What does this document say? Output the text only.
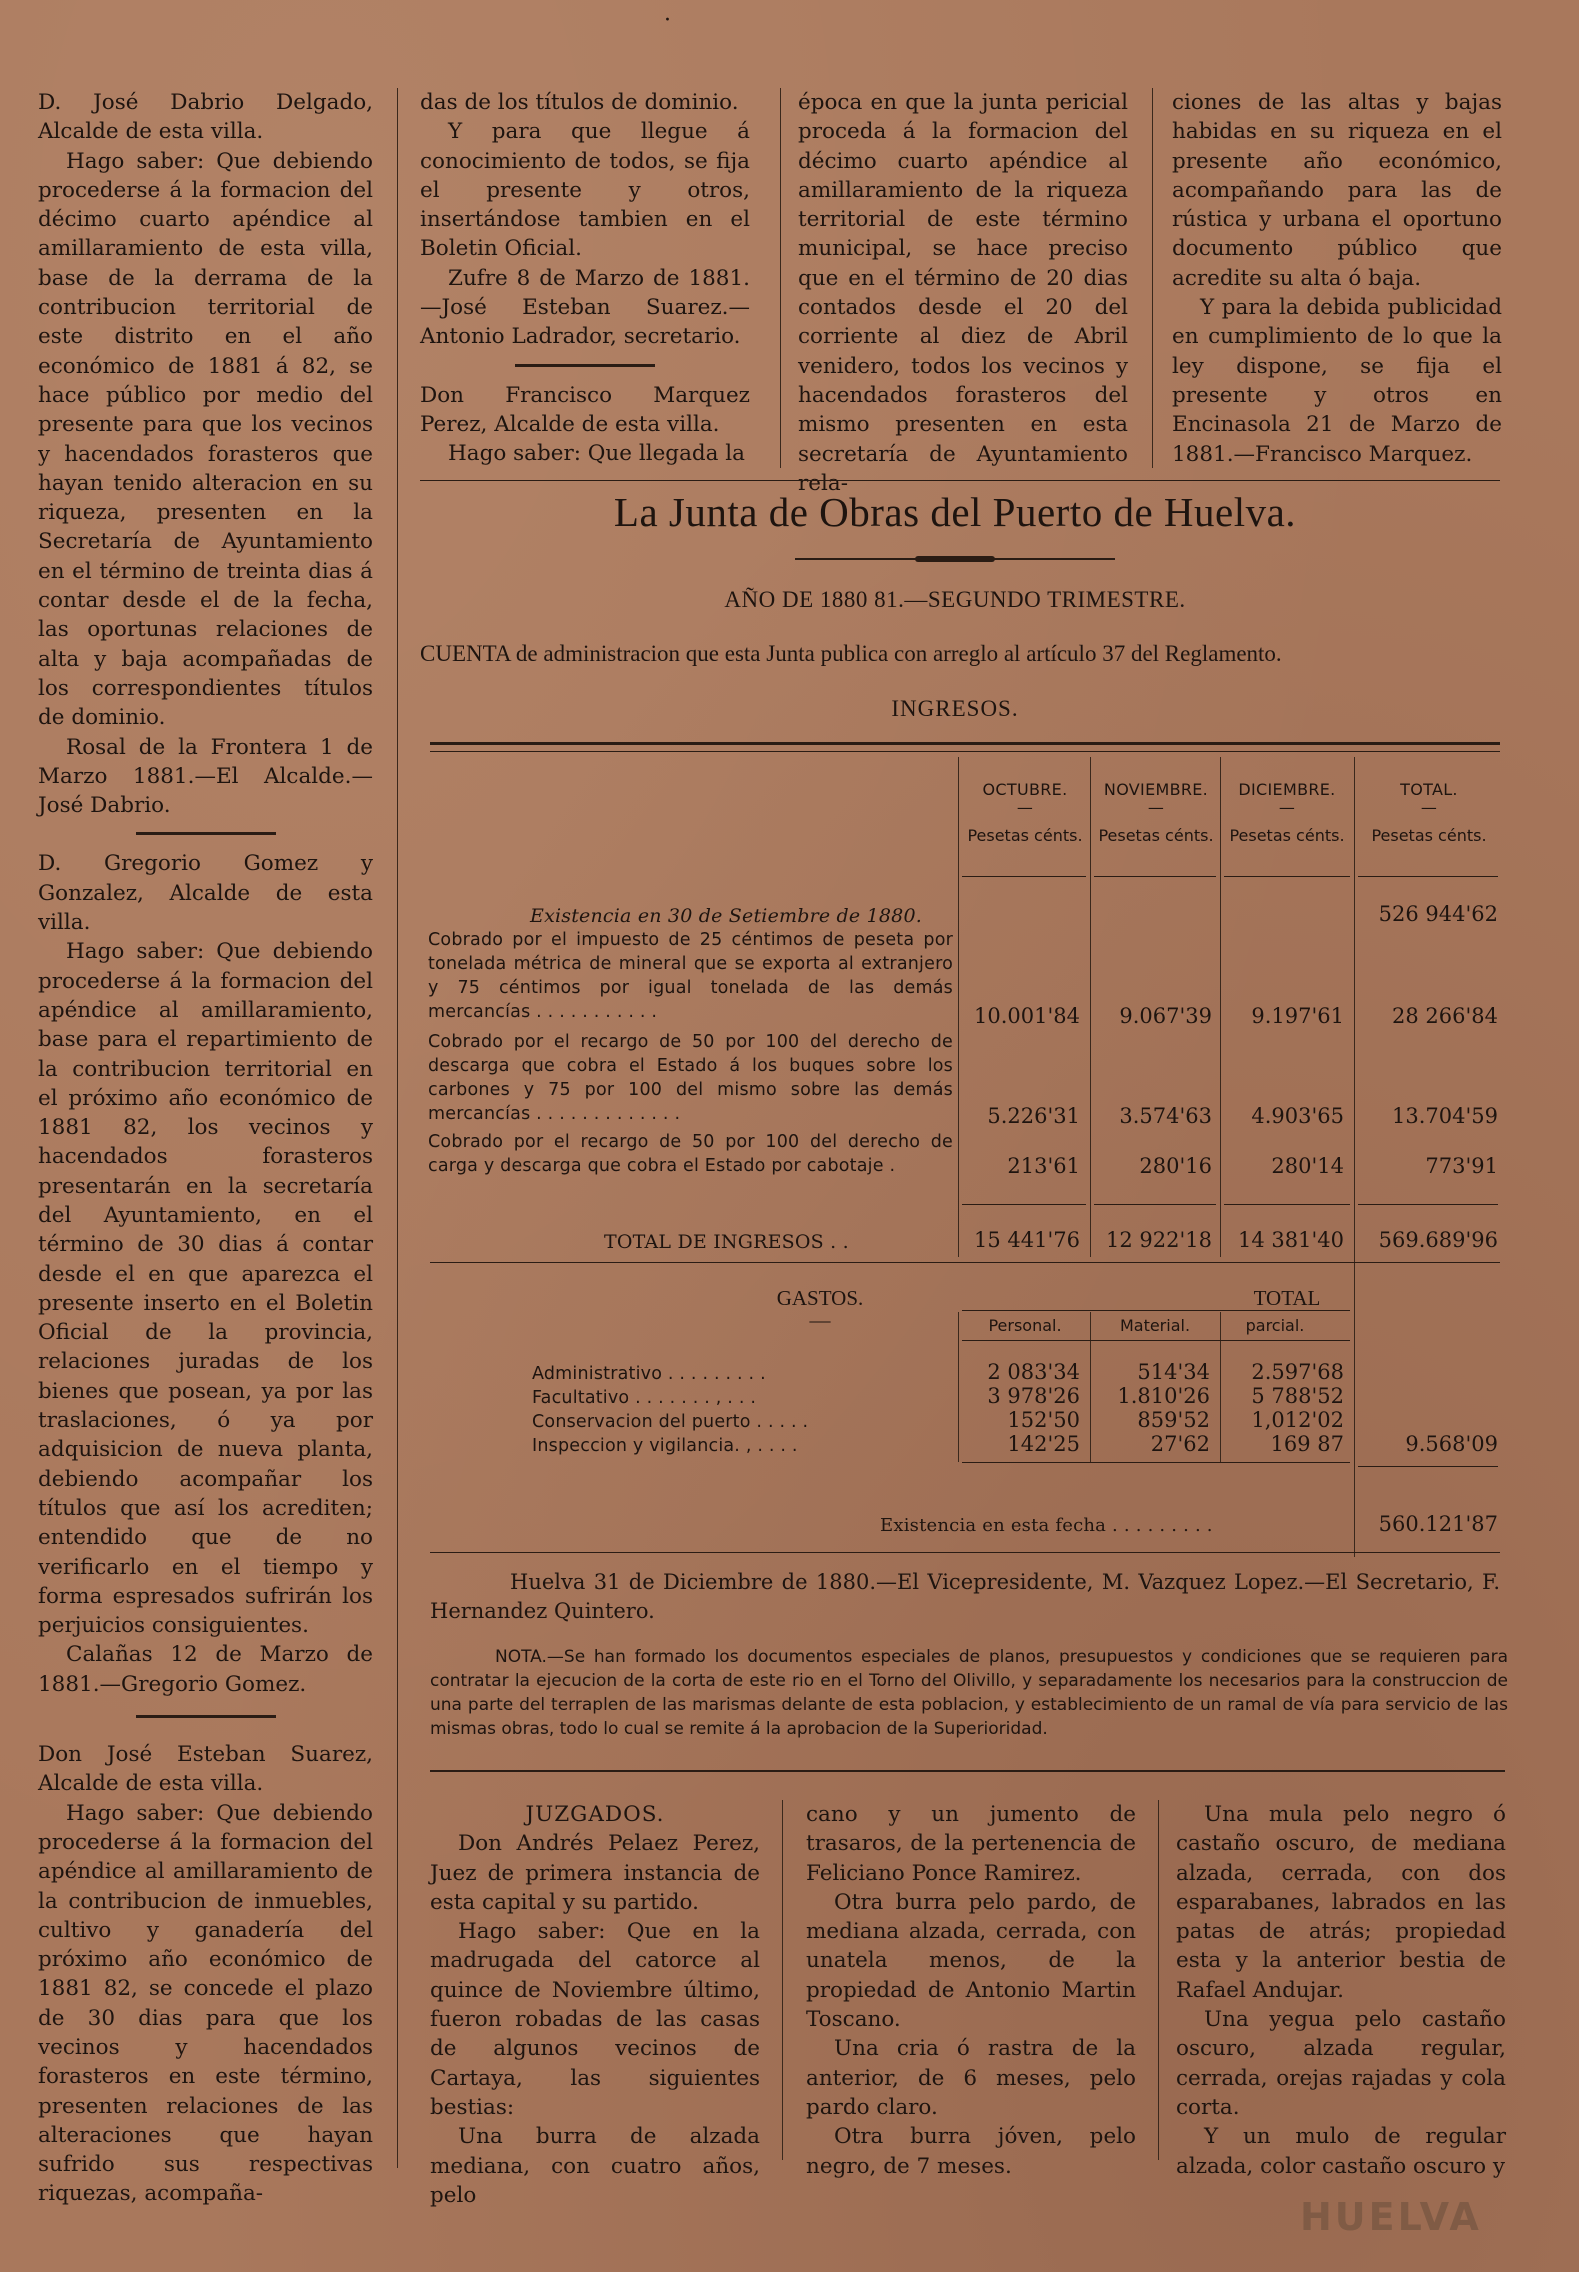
·

D. José Dabrio Delgado, Alcalde de esta villa.

Hago saber: Que debiendo procederse á la formacion del décimo cuarto apéndice al amillaramiento de esta villa, base de la derrama de la contribucion territorial de este distrito en el año económico de 1881 á 82, se hace público por medio del presente para que los vecinos y hacendados forasteros que hayan tenido alteracion en su riqueza, presenten en la Secretaría de Ayuntamiento en el término de treinta dias á contar desde el de la fecha, las oportunas relaciones de alta y baja acompañadas de los correspondientes títulos de dominio.

Rosal de la Frontera 1 de Marzo 1881.—El Alcalde.—José Dabrio.

D. Gregorio Gomez y Gonzalez, Alcalde de esta villa.

Hago saber: Que debiendo procederse á la formacion del apéndice al amillaramiento, base para el repartimiento de la contribucion territorial en el próximo año económico de 1881 82, los vecinos y hacendados forasteros presentarán en la secretaría del Ayuntamiento, en el término de 30 dias á contar desde el en que aparezca el presente inserto en el Boletin Oficial de la provincia, relaciones juradas de los bienes que posean, ya por las traslaciones, ó ya por adquisicion de nueva planta, debiendo acompañar los títulos que así los acrediten; entendido que de no verificarlo en el tiempo y forma espresados sufrirán los perjuicios consiguientes.

Calañas 12 de Marzo de 1881.—Gregorio Gomez.

Don José Esteban Suarez, Alcalde de esta villa.

Hago saber: Que debiendo procederse á la formacion del apéndice al amillaramiento de la contribucion de inmuebles, cultivo y ganadería del próximo año económico de 1881 82, se concede el plazo de 30 dias para que los vecinos y hacendados forasteros en este término, presenten relaciones de las alteraciones que hayan sufrido sus respectivas riquezas, acompaña-

das de los títulos de dominio.

Y para que llegue á conocimiento de todos, se fija el presente y otros, insertándose tambien en el Boletin Oficial.

Zufre 8 de Marzo de 1881. —José Esteban Suarez.—Antonio Ladrador, secretario.

Don Francisco Marquez Perez, Alcalde de esta villa.

Hago saber: Que llegada la

época en que la junta pericial proceda á la formacion del décimo cuarto apéndice al amillaramiento de la riqueza territorial de este término municipal, se hace preciso que en el término de 20 dias contados desde el 20 del corriente al diez de Abril venidero, todos los vecinos y hacendados forasteros del mismo presenten en esta secretaría de Ayuntamiento rela-

ciones de las altas y bajas habidas en su riqueza en el presente año económico, acompañando para las de rústica y urbana el oportuno documento público que acredite su alta ó baja.

Y para la debida publicidad en cumplimiento de lo que la ley dispone, se fija el presente y otros en Encinasola 21 de Marzo de 1881.—Francisco Marquez.

La Junta de Obras del Puerto de Huelva.
AÑO DE 1880 81.—SEGUNDO TRIMESTRE.
CUENTA de administracion que esta Junta publica con arreglo al artículo 37 del Reglamento.
INGRESOS.
OCTUBRE.	NOVIEMBRE.	DICIEMBRE.	TOTAL.
—	—	—	—
Pesetas cénts. Pesetas cénts. Pesetas cénts.	Pesetas cénts.
Existencia en 30 de Setiembre de 1880.	526 944'62
Cobrado por el impuesto de 25 céntimos de peseta por tonelada métrica de mineral que se exporta al extranjero y 75 céntimos por igual tonelada de las demás mercancías . . . . . . . . . . .	10.001'84	9.067'39	9.197'61	28 266'84
Cobrado por el recargo de 50 por 100 del derecho de descarga que cobra el Estado á los buques sobre los carbones y 75 por 100 del mismo sobre las demás mercancías . . . . . . . . . . . . .	5.226'31	3.574'63	4.903'65	13.704'59
Cobrado por el recargo de 50 por 100 del derecho de carga y descarga que cobra el Estado por cabotaje .	213'61	280'16	280'14	773'91
TOTAL DE INGRESOS . .	15 441'76	12 922'18	14 381'40	569.689'96
GASTOS.
—
TOTAL
Personal.	Material.	parcial.
Administrativo . . . . . . . . .	2 083'34	514'34	2.597'68
Facultativo . . . . . . . , . . .	3 978'26	1.810'26	5 788'52
Conservacion del puerto . . . . .	152'50	859'52	1,012'02
Inspeccion y vigilancia. , . . . .	142'25	27'62	169 87	9.568'09
Existencia en esta fecha . . . . . . . . .	560.121'87
Huelva 31 de Diciembre de 1880.—El Vicepresidente, M. Vazquez Lopez.—El Secretario, F. Hernandez Quintero.
NOTA.—Se han formado los documentos especiales de planos, presupuestos y condiciones que se requieren para contratar la ejecucion de la corta de este rio en el Torno del Olivillo, y separadamente los necesarios para la construccion de una parte del terraplen de las marismas delante de esta poblacion, y establecimiento de un ramal de vía para servicio de las mismas obras, todo lo cual se remite á la aprobacion de la Superioridad.

JUZGADOS.

Don Andrés Pelaez Perez, Juez de primera instancia de esta capital y su partido.

Hago saber: Que en la madrugada del catorce al quince de Noviembre último, fueron robadas de las casas de algunos vecinos de Cartaya, las siguientes bestias:

Una burra de alzada mediana, con cuatro años, pelo

cano y un jumento de trasaros, de la pertenencia de Feliciano Ponce Ramirez.

Otra burra pelo pardo, de mediana alzada, cerrada, con unatela menos, de la propiedad de Antonio Martin Toscano.

Una cria ó rastra de la anterior, de 6 meses, pelo pardo claro.

Otra burra jóven, pelo negro, de 7 meses.

Una mula pelo negro ó castaño oscuro, de mediana alzada, cerrada, con dos esparabanes, labrados en las patas de atrás; propiedad esta y la anterior bestia de Rafael Andujar.

Una yegua pelo castaño oscuro, alzada regular, cerrada, orejas rajadas y cola corta.

Y un mulo de regular alzada, color castaño oscuro y

HUELVA
